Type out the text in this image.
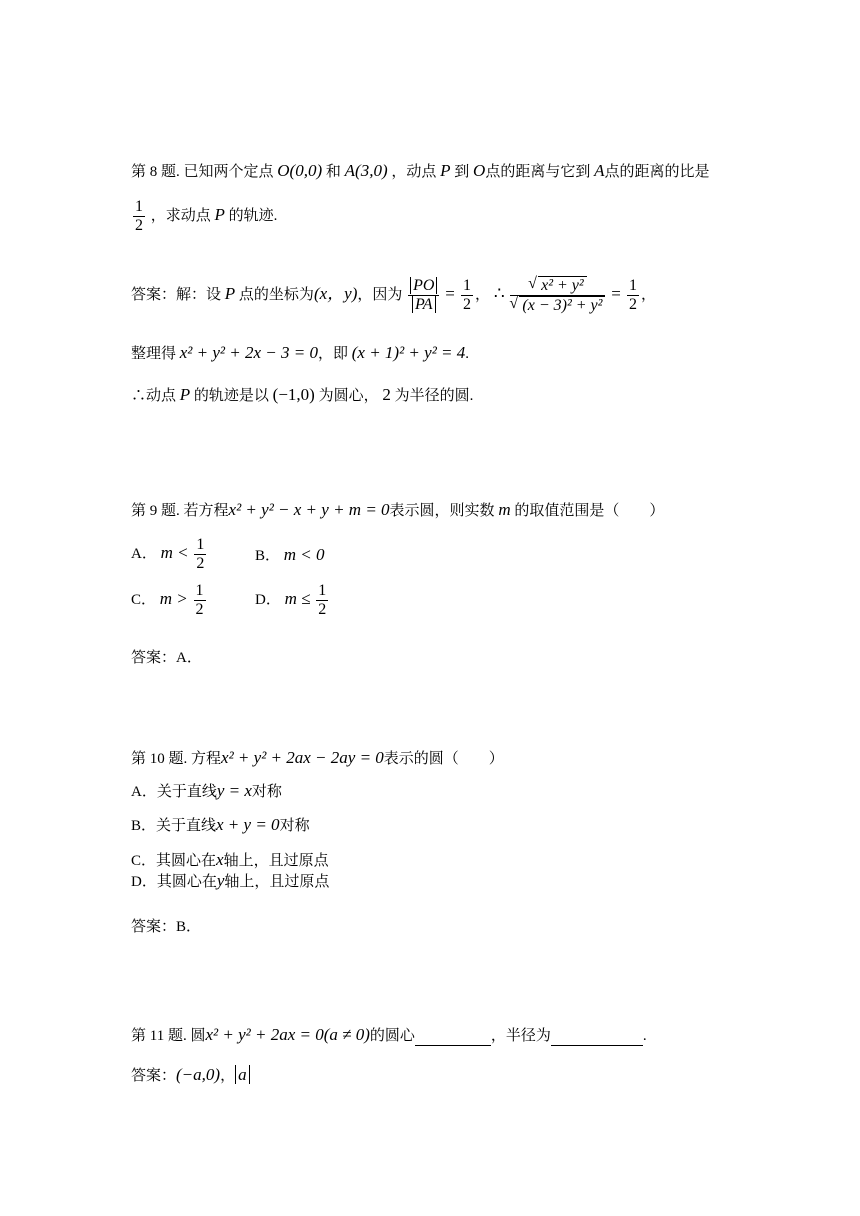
第 8 题. 已知两个定点 O(0,0) 和 A(3,0) ，动点 P 到 O点的距离与它到 A点的距离的比是
$\frac{1}{2}$ ，求动点 P 的轨迹.
答案：解：设 P 点的坐标为(x，y)，因为 $\frac{PO}{PA} = \frac{1}{2}$ ， ∴
√ x² + y²
√ $(x - 3)^2 + y^2 = \frac{1}{2}$ ，
整理得 x² + y² + 2x − 3 = 0，即 (x + 1)² + y² = 4.
∴动点 P 的轨迹是以 (−1,0) 为圆心， 2 为半径的圆.
第 9 题. 若方程x² + y² − x + y + m = 0表示圆，则实数 m 的取值范围是（　　）
A． $m < \frac{1}{2}$	B． m < 0
C． $m > \frac{1}{2}$	D． $m \le \frac{1}{2}$
答案：A．
第 10 题. 方程x² + y² + 2ax − 2ay = 0表示的圆（　　）
A．关于直线y = x对称
B．关于直线x + y = 0对称
C．其圆心在x轴上，且过原点
D．其圆心在y轴上，且过原点
答案：B．
第 11 题. 圆x² + y² + 2ax = 0(a ≠ 0)的圆心	，半径为	.
答案：(−a,0)， a
